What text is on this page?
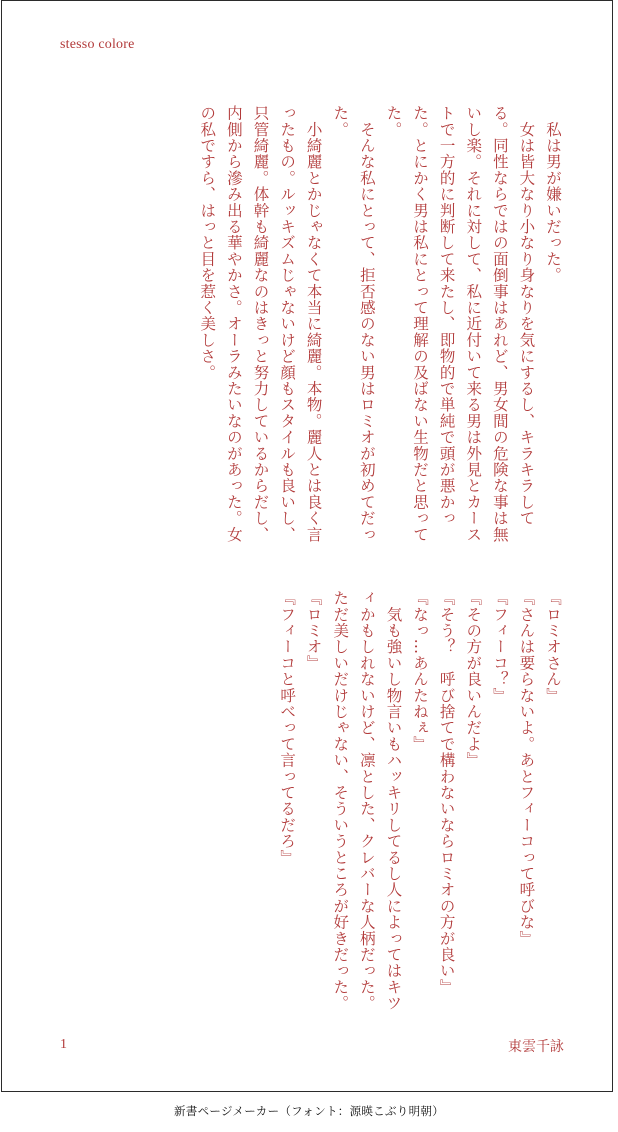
stesso colore

　私は男が嫌いだった。

　女は皆大なり小なり身なりを気にするし、キラキラしてる。同性ならではの面倒事はあれど、男女間の危険な事は無いし楽。それに対して、私に近付いて来る男は外見とカーストで一方的に判断して来たし、即物的で単純で頭が悪かった。とにかく男は私にとって理解の及ばない生物だと思ってた。

　そんな私にとって、拒否感のない男はロミオが初めてだった。

　小綺麗とかじゃなくて本当に綺麗。本物。麗人とは良く言ったもの。ルッキズムじゃないけど顔もスタイルも良いし、只管綺麗。体幹も綺麗なのはきっと努力しているからだし、内側から滲み出る華やかさ。オーラみたいなのがあった。女の私ですら、はっと目を惹く美しさ。

『ロミオさん』

『さんは要らないよ。あとフィーコって呼びな』

『フィーコ？』

『その方が良いんだよ』

『そう？　呼び捨てで構わないならロミオの方が良い』

『なっ…あんたねぇ』

　気も強いし物言いもハッキリしてるし人によってはキツィかもしれないけど、凛とした、クレバーな人柄だった。ただ美しいだけじゃない、そういうところが好きだった。

『ロミオ』

『フィーコと呼べって言ってるだろ』

1	東雲千詠
新書ページメーカー（フォント：源暎こぶり明朝）
